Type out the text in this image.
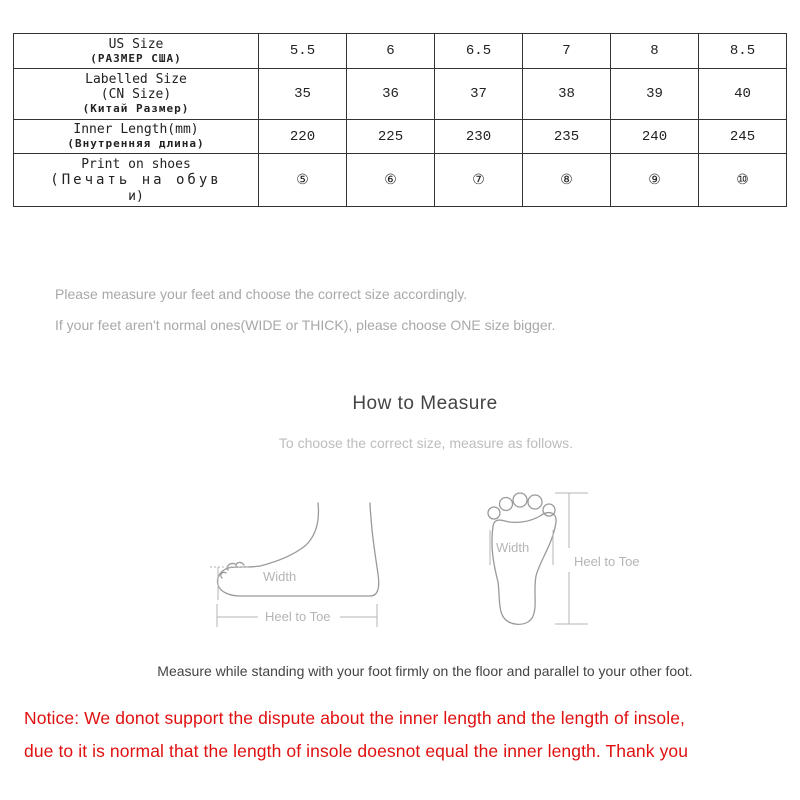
US Size
(РАЗМЕР США)	5.5	6	6.5	7	8	8.5

Labelled Size
(CN Size)
(Китай Размер)	35	36	37	38	39	40

Inner Length(mm)
(Внутренняя длина)	220	225	230	235	240	245

Print on shoes
(Печать на обув
и)	⑤	⑥	⑦	⑧	⑨	⑩
Please measure your feet and choose the correct size accordingly.
If your feet aren't normal ones(WIDE or THICK), please choose ONE size bigger.
How to Measure
To choose the correct size, measure as follows.
Width
Heel to Toe
Width
Heel to Toe
Measure while standing with your foot firmly on the floor and parallel to your other foot.
Notice: We donot support the dispute about the inner length and the length of insole,
due to it is normal that the length of insole doesnot equal the inner length. Thank you
